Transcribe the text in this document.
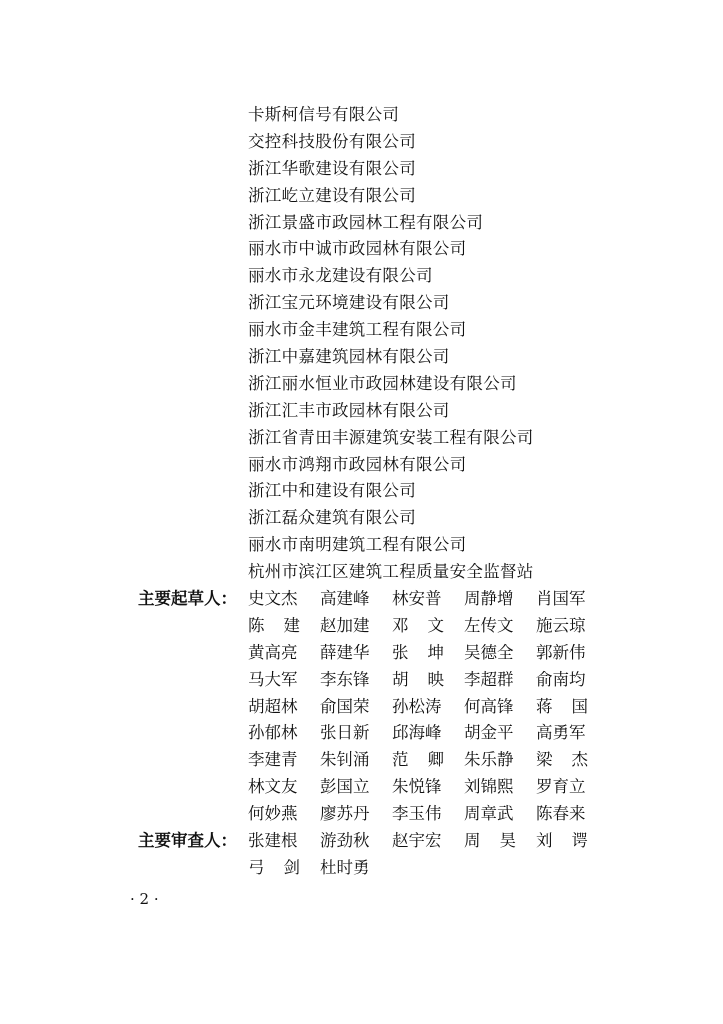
卡斯柯信号有限公司
交控科技股份有限公司
浙江华歌建设有限公司
浙江屹立建设有限公司
浙江景盛市政园林工程有限公司
丽水市中诚市政园林有限公司
丽水市永龙建设有限公司
浙江宝元环境建设有限公司
丽水市金丰建筑工程有限公司
浙江中嘉建筑园林有限公司
浙江丽水恒业市政园林建设有限公司
浙江汇丰市政园林有限公司
浙江省青田丰源建筑安装工程有限公司
丽水市鸿翔市政园林有限公司
浙江中和建设有限公司
浙江磊众建筑有限公司
丽水市南明建筑工程有限公司
杭州市滨江区建筑工程质量安全监督站
主要起草人： 史文杰 高建峰 林安普 周静增 肖国军
陈 建 赵加建 邓 文 左传文 施云琼
黄高亮 薛建华 张 坤 吴德全 郭新伟
马大军 李东锋 胡 映 李超群 俞南均
胡超林 俞国荣 孙松涛 何高锋 蒋 国
孙郁林 张日新 邱海峰 胡金平 高勇军
李建青 朱钊涌 范 卿 朱乐静 梁 杰
林文友 彭国立 朱悦锋 刘锦熙 罗育立
何妙燕 廖苏丹 李玉伟 周章武 陈春来
主要审查人： 张建根 游劲秋 赵宇宏 周 昊 刘 谔
弓 剑 杜时勇
· 2 ·
